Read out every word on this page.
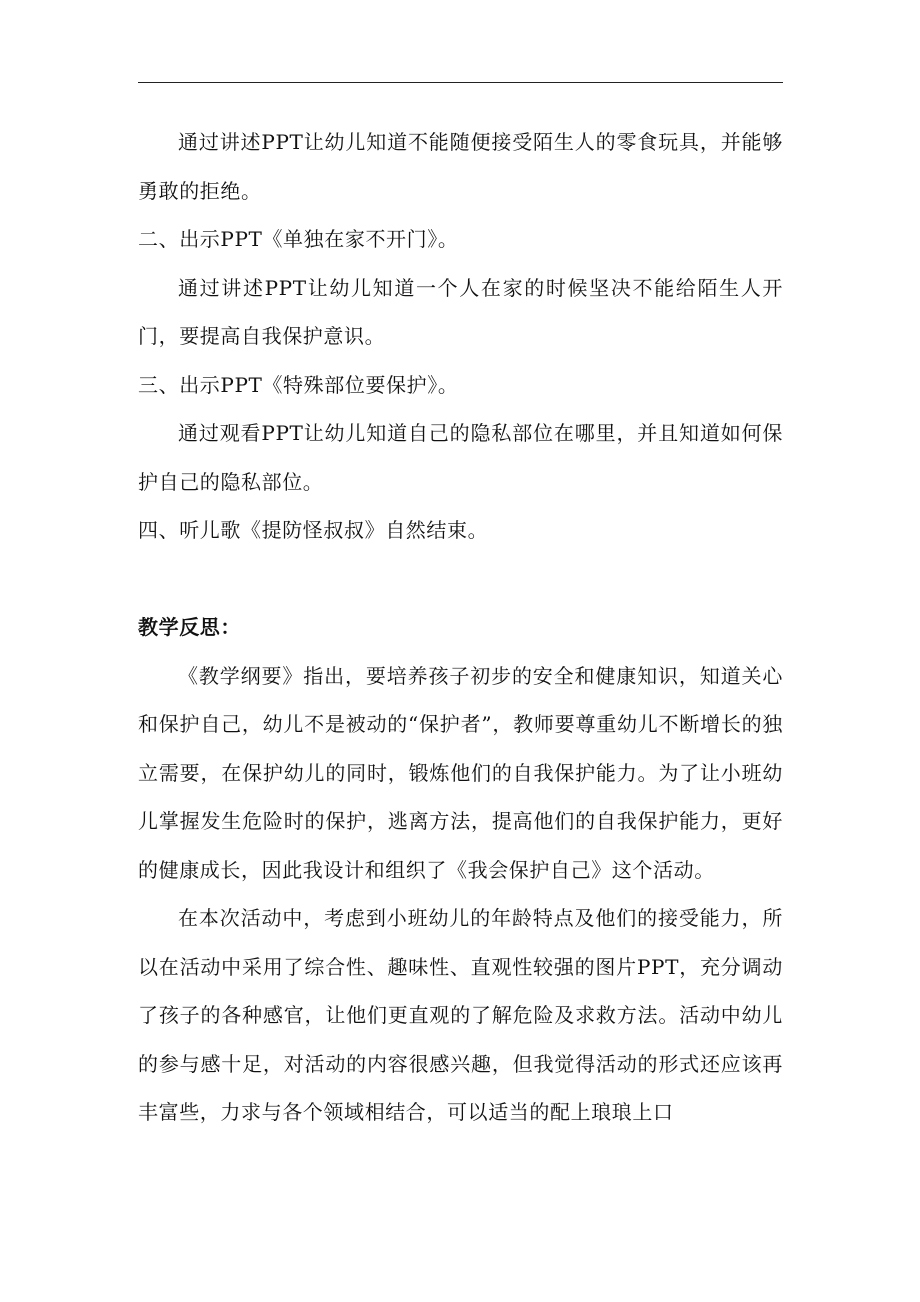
通过讲述PPT让幼儿知道不能随便接受陌生人的零食玩具，并能够勇敢的拒绝。

二、出示PPT《单独在家不开门》。

通过讲述PPT让幼儿知道一个人在家的时候坚决不能给陌生人开门，要提高自我保护意识。

三、出示PPT《特殊部位要保护》。

通过观看PPT让幼儿知道自己的隐私部位在哪里，并且知道如何保护自己的隐私部位。

四、听儿歌《提防怪叔叔》自然结束。

教学反思：

《教学纲要》指出，要培养孩子初步的安全和健康知识，知道关心和保护自己，幼儿不是被动的“保护者”，教师要尊重幼儿不断增长的独立需要，在保护幼儿的同时，锻炼他们的自我保护能力。为了让小班幼儿掌握发生危险时的保护，逃离方法，提高他们的自我保护能力，更好的健康成长，因此我设计和组织了《我会保护自己》这个活动。

在本次活动中，考虑到小班幼儿的年龄特点及他们的接受能力，所以在活动中采用了综合性、趣味性、直观性较强的图片PPT，充分调动了孩子的各种感官，让他们更直观的了解危险及求救方法。活动中幼儿的参与感十足，对活动的内容很感兴趣，但我觉得活动的形式还应该再丰富些，力求与各个领域相结合，可以适当的配上琅琅上口
